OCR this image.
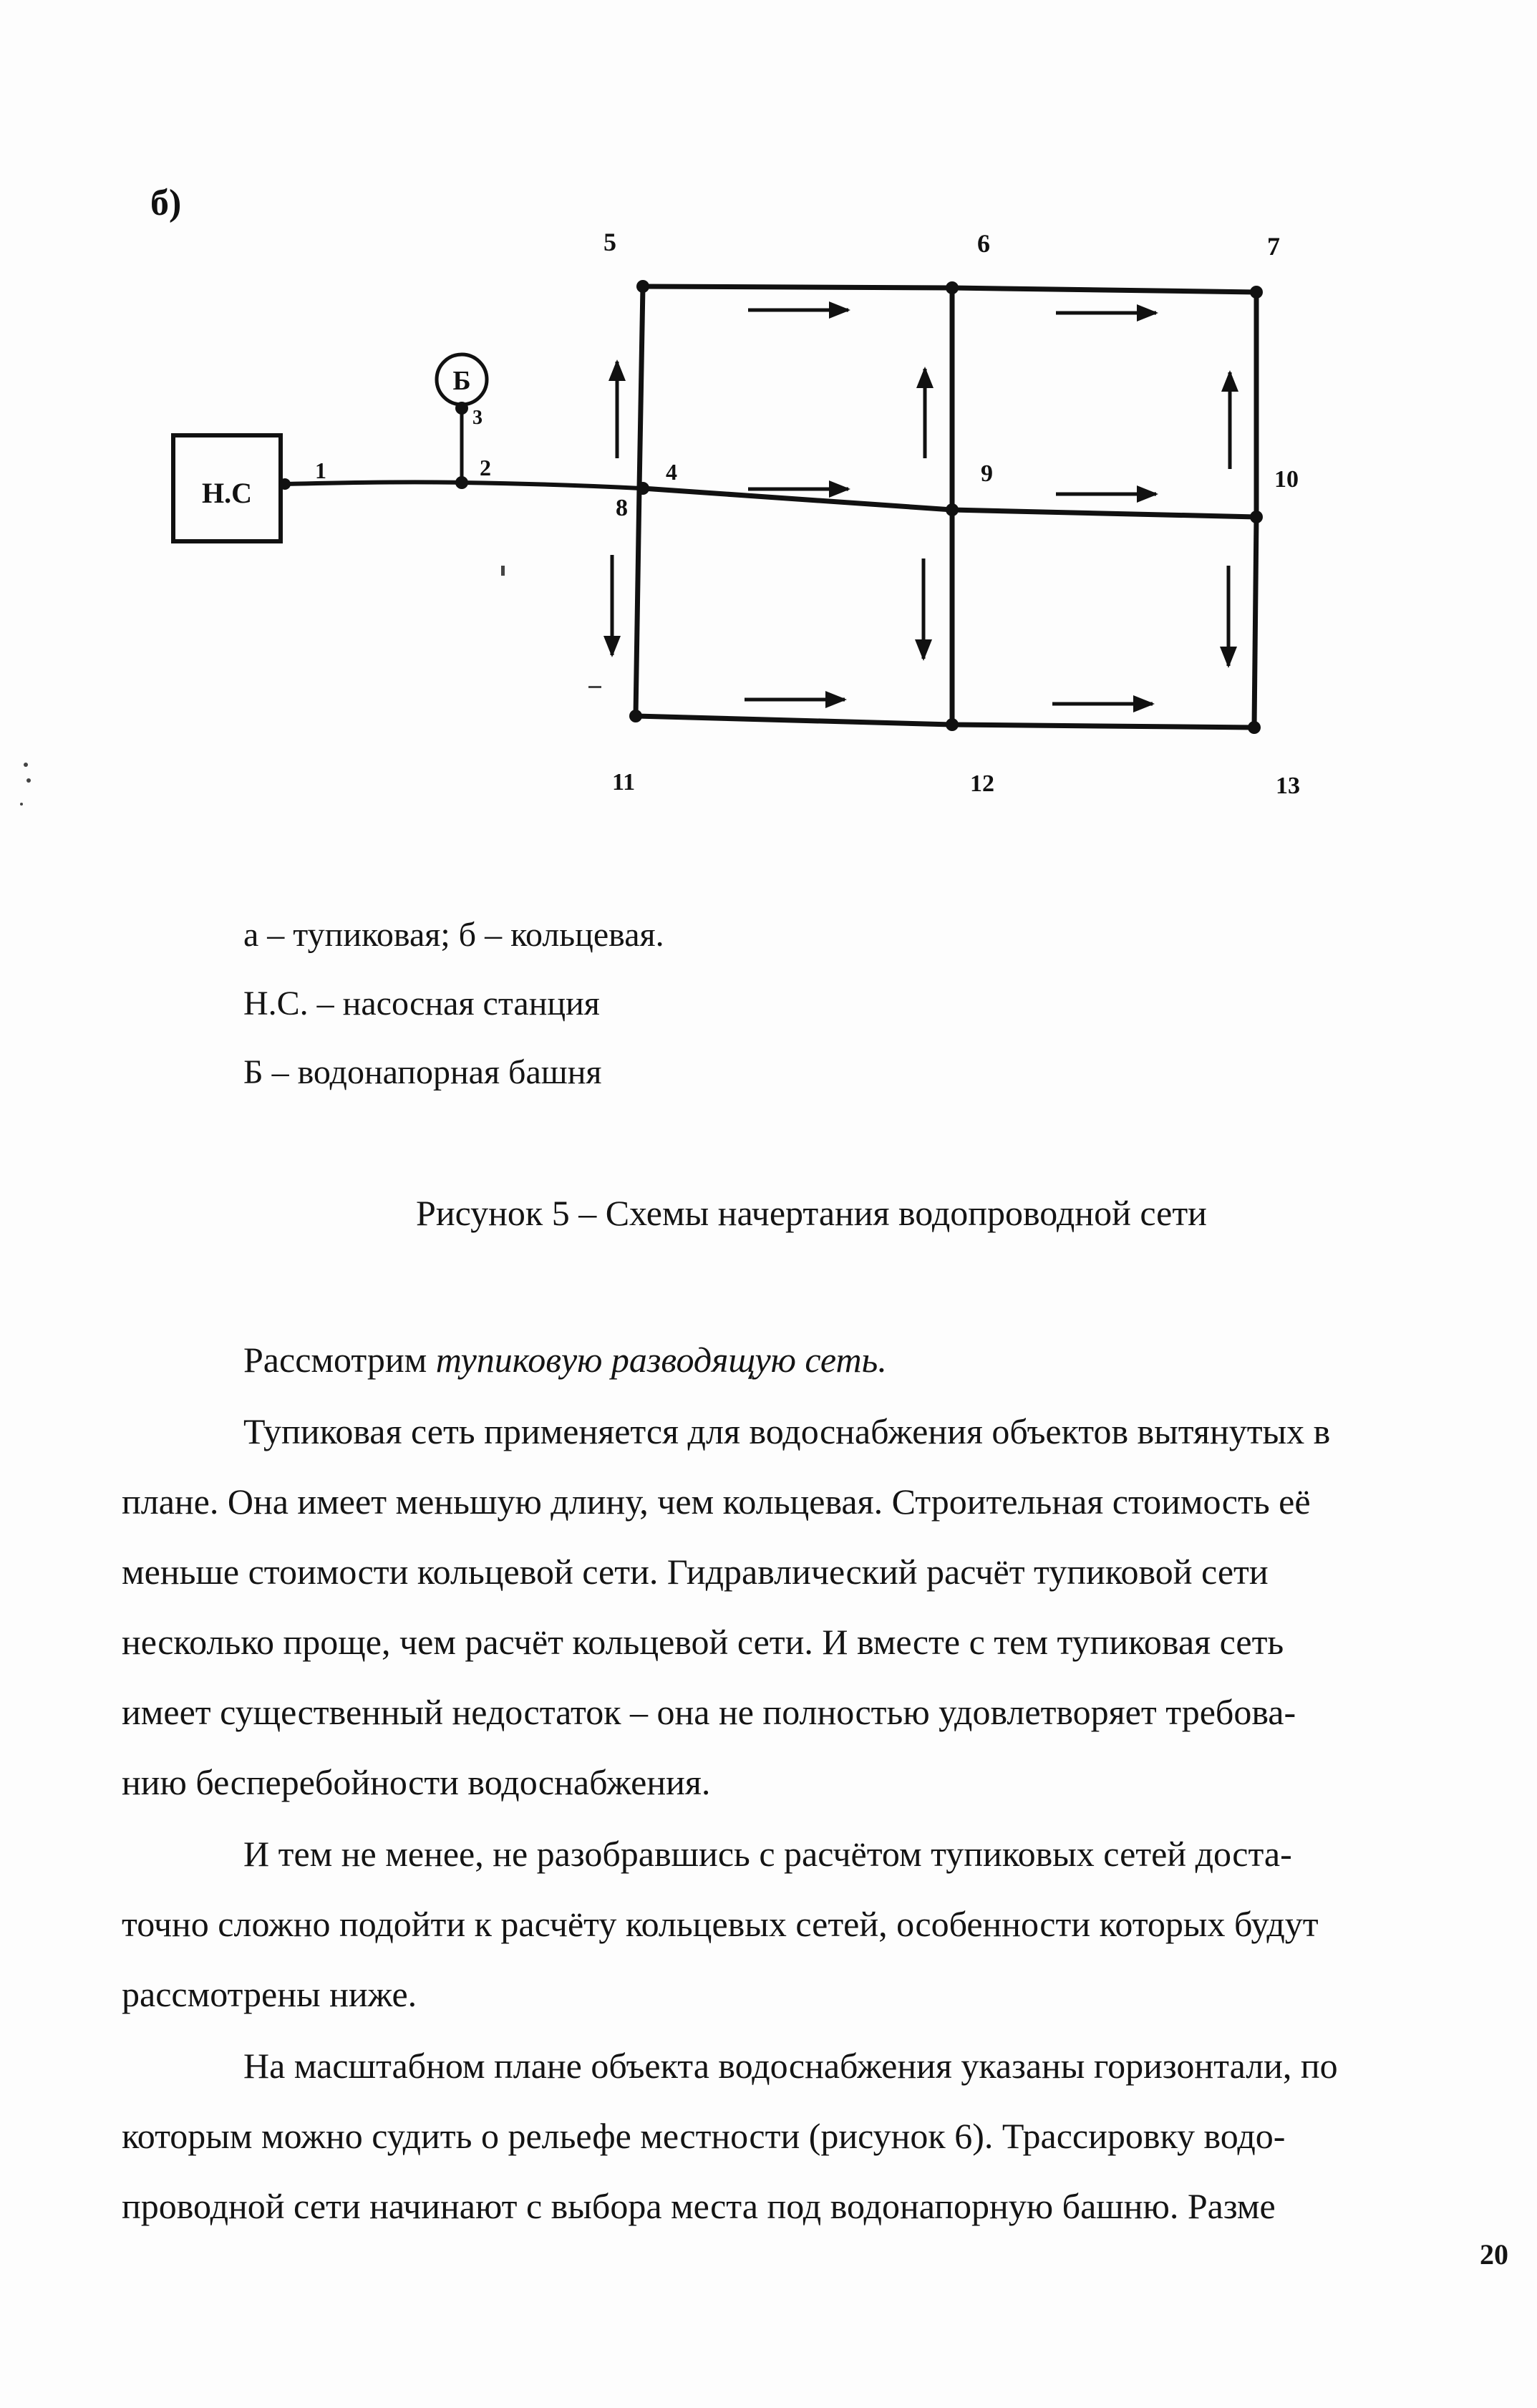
б)
Н.С
Б
1	2
3
4
5	6	7
8
9	10
11	12	13
а – тупиковая; б – кольцевая.
Н.С. – насосная станция
Б – водонапорная башня
Рисунок 5 – Схемы начертания водопроводной сети
Рассмотрим тупиковую разводящую сеть.
Тупиковая сеть применяется для водоснабжения объектов вытянутых в
плане. Она имеет меньшую длину, чем кольцевая. Строительная стоимость её
меньше стоимости кольцевой сети. Гидравлический расчёт тупиковой сети
несколько проще, чем расчёт кольцевой сети. И вместе с тем тупиковая сеть
имеет существенный недостаток – она не полностью удовлетворяет требова-
нию бесперебойности водоснабжения.
И тем не менее, не разобравшись с расчётом тупиковых сетей доста-
точно сложно подойти к расчёту кольцевых сетей, особенности которых будут
рассмотрены ниже.
На масштабном плане объекта водоснабжения указаны горизонтали, по
которым можно судить о рельефе местности (рисунок 6). Трассировку водо-
проводной сети начинают с выбора места под водонапорную башню. Разме
20
